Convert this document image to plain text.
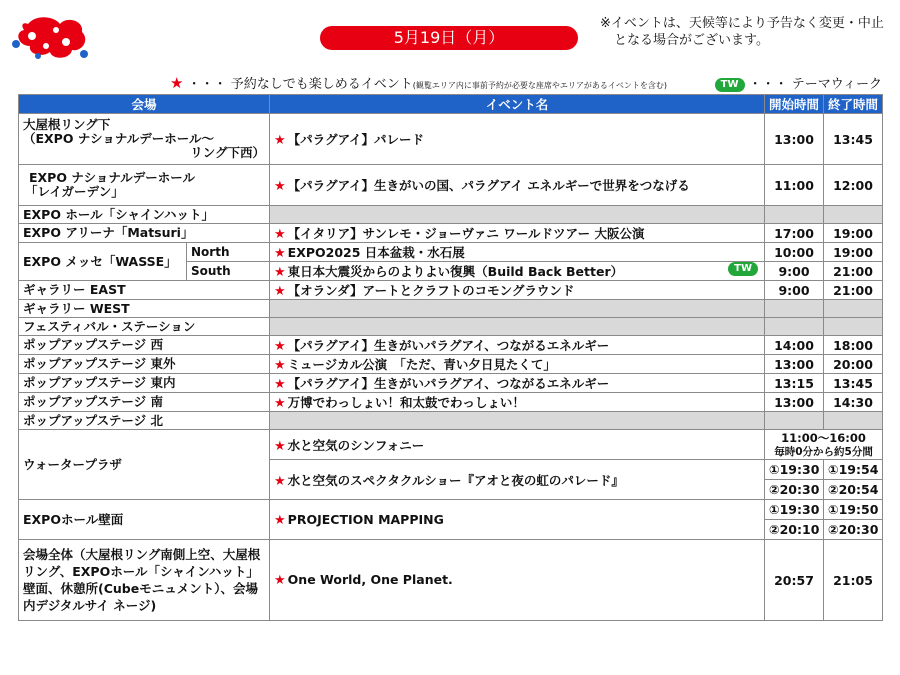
5月19日（月）
※イベントは、天候等により予告なく変更・中止
となる場合がございます。
★ ・・・ 予約なしでも楽しめるイベント(観覧エリア内に事前予約が必要な座席やエリアがあるイベントを含む)	TW ・・・ テーマウィーク
会場		イベント名	開始時間	終了時間

大屋根リング下
（EXPO ナショナルデーホール～
リング下西）		★ 【パラグアイ】パレード	13:00	13:45

EXPO ナショナルデーホール
「レイガーデン」		★ 【パラグアイ】生きがいの国、パラグアイ エネルギーで世界をつなげる	11:00	12:00
EXPO ホール「シャインハット」				
EXPO アリーナ「Matsuri」		★ 【イタリア】サンレモ・ジョーヴァニ ワールドツアー 大阪公演	17:00	19:00
EXPO メッセ「WASSE」	North	★ EXPO2025 日本盆栽・水石展	10:00	19:00
	South	★ 東日本大震災からのよりよい復興（Build Back Better） TW	9:00	21:00
ギャラリー EAST		★ 【オランダ】アートとクラフトのコモングラウンド	9:00	21:00
ギャラリー WEST				
フェスティバル・ステーション				
ポップアップステージ 西		★ 【パラグアイ】生きがいパラグアイ、つながるエネルギー	14:00	18:00
ポップアップステージ 東外		★ ミュージカル公演　「ただ、青い夕日見たくて」	13:00	20:00
ポップアップステージ 東内		★ 【パラグアイ】生きがいパラグアイ、つながるエネルギー	13:15	13:45
ポップアップステージ 南		★ 万博でわっしょい！和太鼓でわっしょい！	13:00	14:30
ポップアップステージ 北				
ウォータープラザ		★ 水と空気のシンフォニー	11:00～16:00
毎時0分から約5分間	

		★ 水と空気のスペクタクルショー『アオと夜の虹のパレード』	①19:30	①19:54
			②20:30	②20:54
EXPOホール壁面		★ PROJECTION MAPPING	①19:30	①19:50
			②20:10	②20:30
会場全体（大屋根リング南側上空、大屋根リング、EXPOホール「シャインハット」壁面、休憩所(Cubeモニュメント）、会場内デジタルサイ ネージ)		★ One World, One Planet.	20:57	21:05
